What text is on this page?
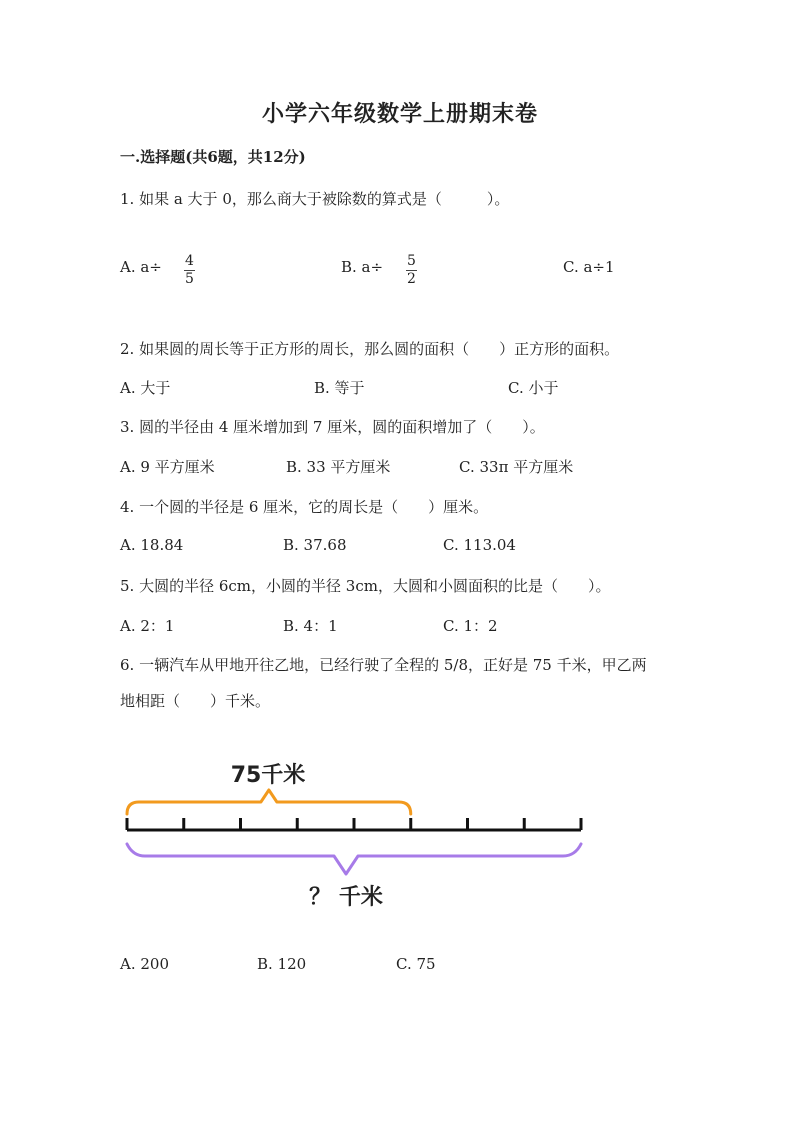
小学六年级数学上册期末卷
一.选择题(共6题，共12分)
1. 如果 a 大于 0，那么商大于被除数的算式是（　　　）。
A. a÷ 4
5
B. a÷ 5
2
C. a÷1
2. 如果圆的周长等于正方形的周长，那么圆的面积（　　）正方形的面积。
A. 大于	B. 等于	C. 小于
3. 圆的半径由 4 厘米增加到 7 厘米，圆的面积增加了（　　）。
A. 9 平方厘米	B. 33 平方厘米	C. 33π 平方厘米
4. 一个圆的半径是 6 厘米，它的周长是（　　）厘米。
A. 18.84	B. 37.68	C. 113.04
5. 大圆的半径 6cm，小圆的半径 3cm，大圆和小圆面积的比是（　　）。
A. 2：1	B. 4：1	C. 1：2
6. 一辆汽车从甲地开往乙地，已经行驶了全程的 5/8，正好是 75 千米，甲乙两
地相距（　　）千米。
75千米
？ 千米
A. 200	B. 120	C. 75
